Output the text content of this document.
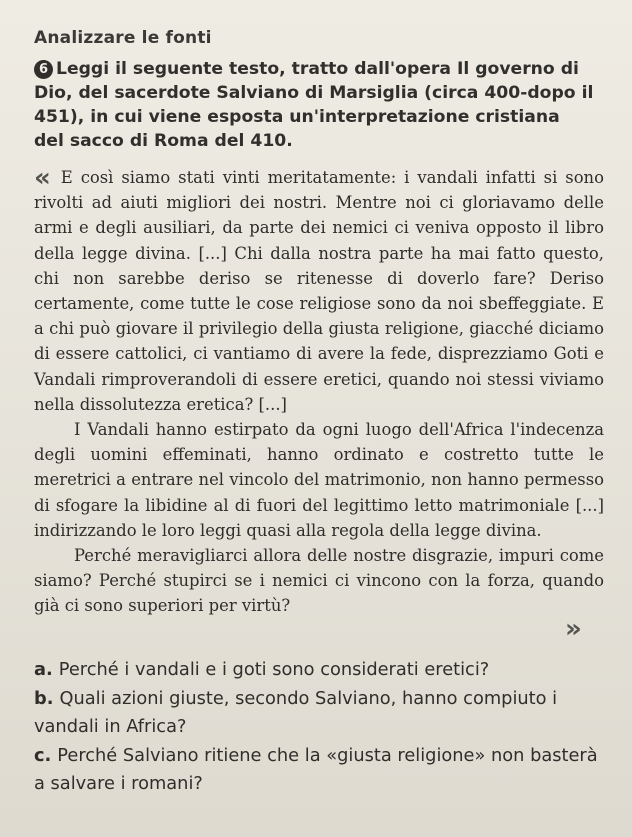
Analizzare le fonti
6 Leggi il seguente testo, tratto dall'opera Il governo di Dio, del sacerdote Salviano di Marsiglia (circa 400-dopo il 451), in cui viene esposta un'interpretazione cristiana del sacco di Roma del 410.

« E così siamo stati vinti meritatamente: i vandali infatti si sono rivolti ad aiuti migliori dei nostri. Mentre noi ci gloriavamo delle armi e degli ausiliari, da parte dei nemici ci veniva opposto il libro della legge divina. [...] Chi dalla nostra parte ha mai fatto questo, chi non sarebbe deriso se ritenesse di doverlo fare? Deriso certamente, come tutte le cose religiose sono da noi sbeffeggiate. E a chi può giovare il privilegio della giusta religione, giacché diciamo di essere cattolici, ci vantiamo di avere la fede, disprezziamo Goti e Vandali rimproverandoli di essere eretici, quando noi stessi viviamo nella dissolutezza eretica? [...]

I Vandali hanno estirpato da ogni luogo dell'Africa l'indecenza degli uomini effeminati, hanno ordinato e costretto tutte le meretrici a entrare nel vincolo del matrimonio, non hanno permesso di sfogare la libidine al di fuori del legittimo letto matrimoniale [...] indirizzando le loro leggi quasi alla regola della legge divina.

Perché meravigliarci allora delle nostre disgrazie, impuri come siamo? Perché stupirci se i nemici ci vincono con la forza, quando già ci sono superiori per virtù?

»
a. Perché i vandali e i goti sono considerati eretici?
b. Quali azioni giuste, secondo Salviano, hanno compiuto i vandali in Africa?
c. Perché Salviano ritiene che la «giusta religione» non basterà a salvare i romani?
